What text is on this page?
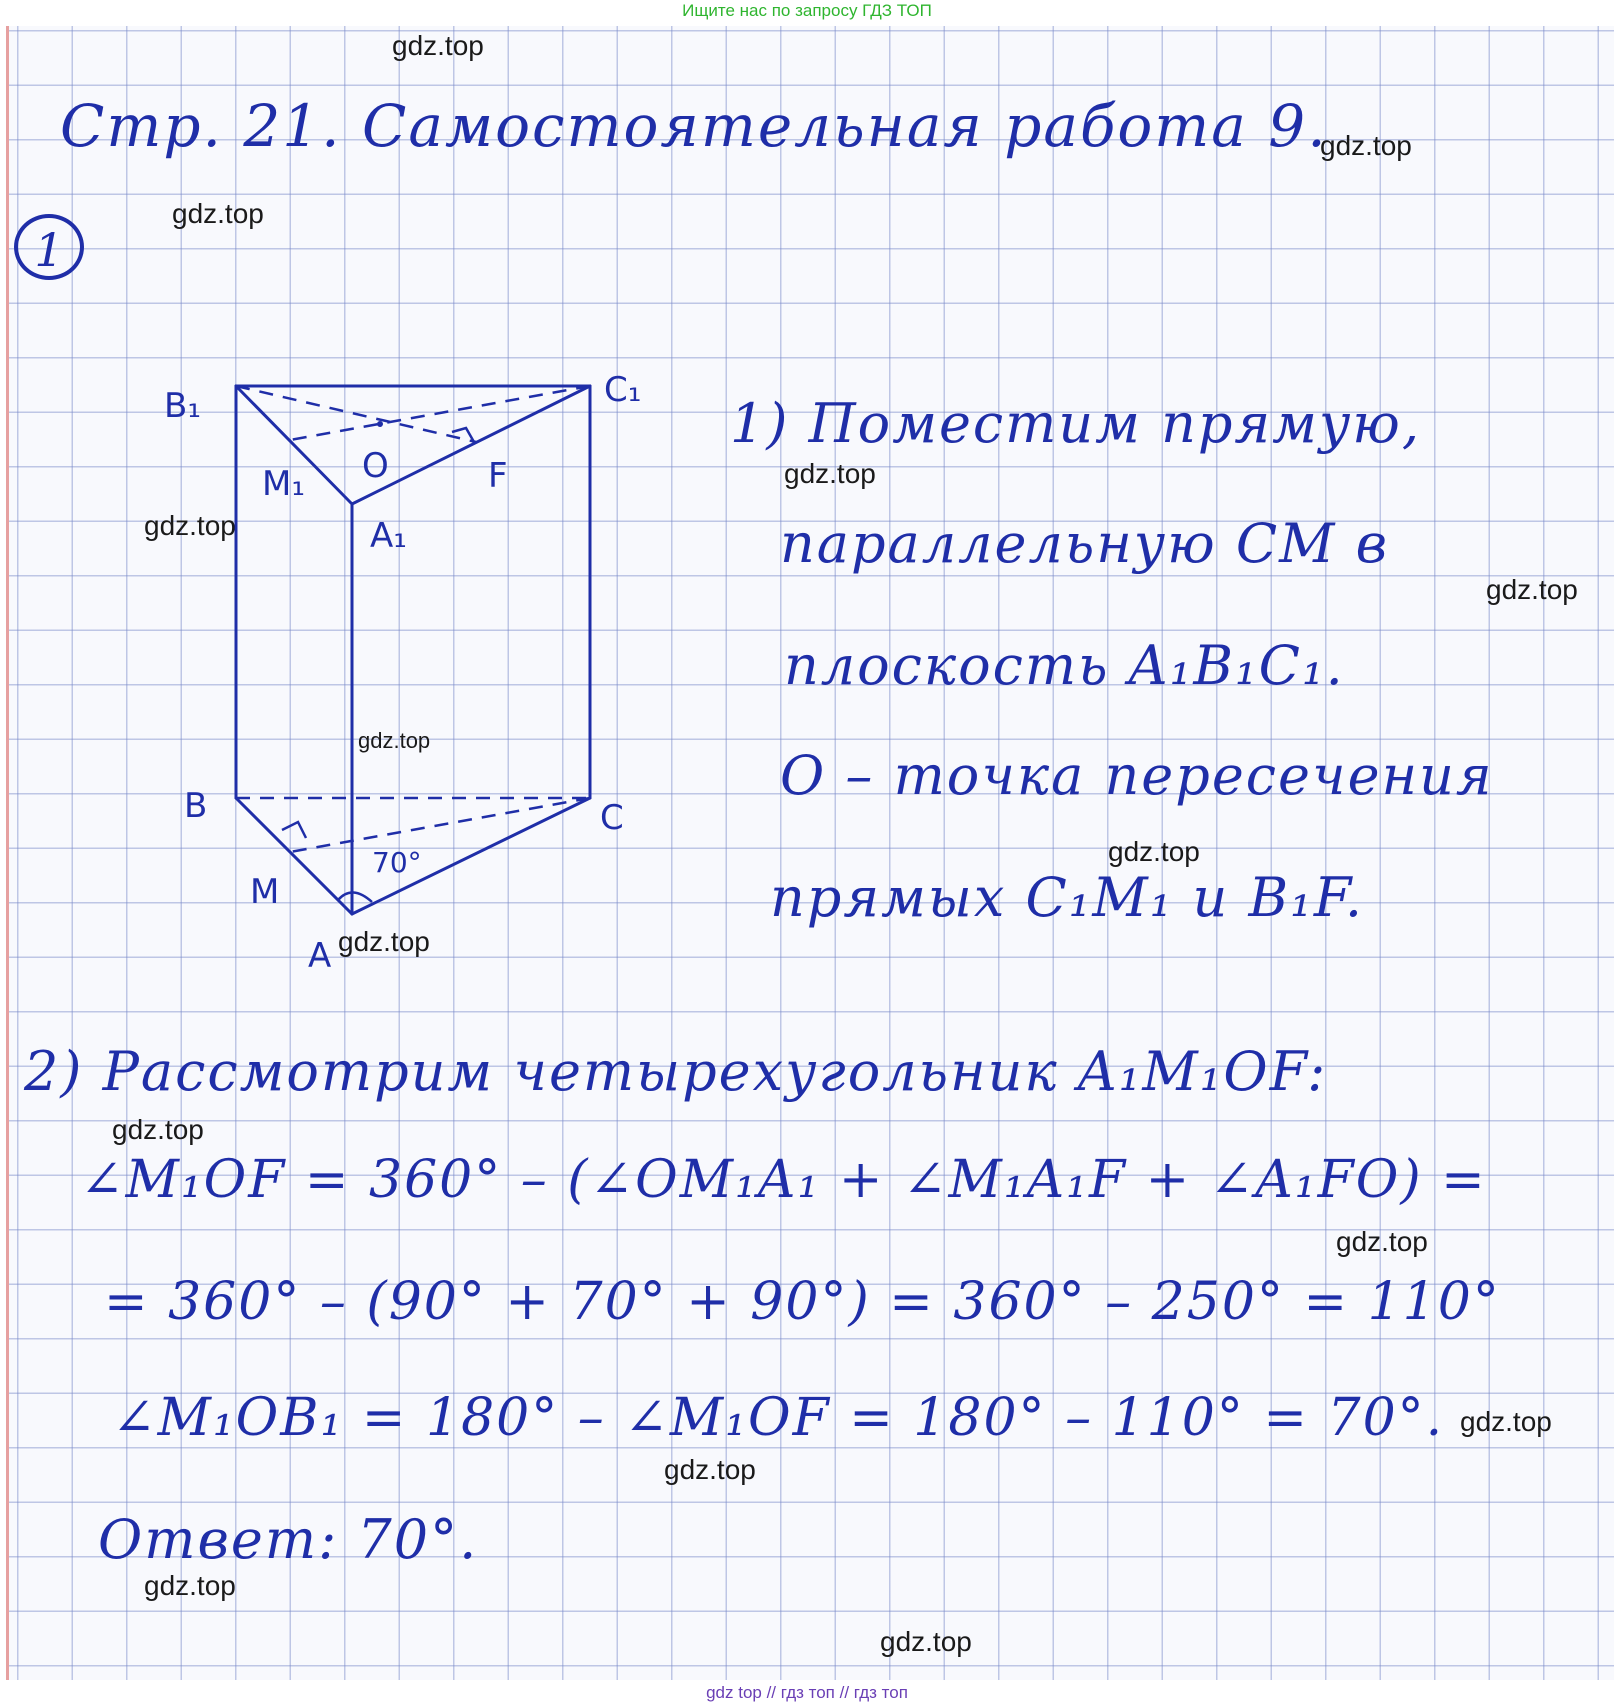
Ищите нас по запросу ГДЗ ТОП
Стр. 21. Самостоятельная работа 9.
1
B₁	C₁
M₁ O	F
A₁
B	C
M
A
70°
1) Поместим прямую,
параллельную CM в
плоскость A₁B₁C₁.
O – точка пересечения
прямых C₁M₁ и B₁F.
2) Рассмотрим четырехугольник A₁M₁OF:
∠M₁OF = 360° – (∠OM₁A₁ + ∠M₁A₁F + ∠A₁FO) =
= 360° – (90° + 70° + 90°) = 360° – 250° = 110°
∠M₁OB₁ = 180° – ∠M₁OF = 180° – 110° = 70°.
Ответ: 70°.
gdz.top
gdz.top
gdz.top
gdz.top
gdz.top
gdz.top
gdz.top
gdz.top
gdz.top
gdz.top
gdz.top
gdz.top
gdz.top
gdz.top
gdz.top
gdz top // гдз топ // гдз топ
